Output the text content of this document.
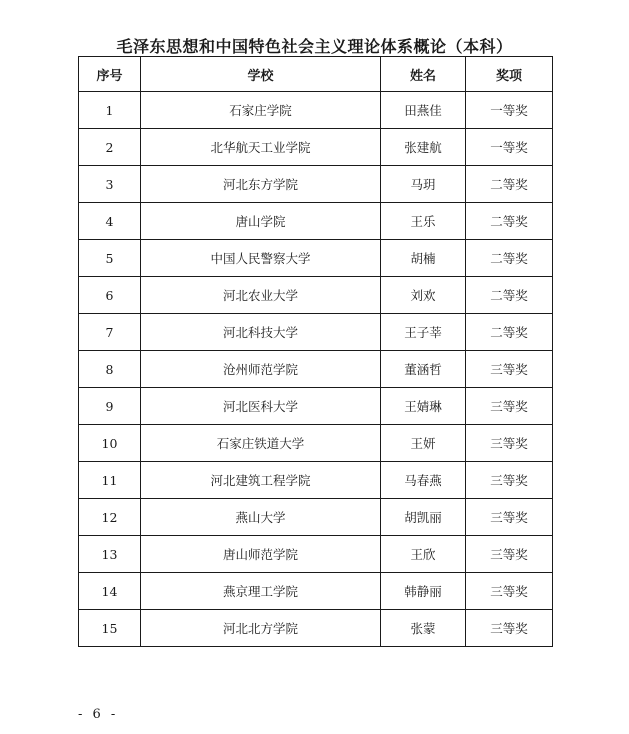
毛泽东思想和中国特色社会主义理论体系概论（本科）
序号	学校	姓名	奖项
1	石家庄学院	田燕佳	一等奖
2	北华航天工业学院	张建航	一等奖
3	河北东方学院	马玥	二等奖
4	唐山学院	王乐	二等奖
5	中国人民警察大学	胡楠	二等奖
6	河北农业大学	刘欢	二等奖
7	河北科技大学	王子莘	二等奖
8	沧州师范学院	董涵哲	三等奖
9	河北医科大学	王婧琳	三等奖
10	石家庄铁道大学	王妍	三等奖
11	河北建筑工程学院	马春燕	三等奖
12	燕山大学	胡凯丽	三等奖
13	唐山师范学院	王欣	三等奖
14	燕京理工学院	韩静丽	三等奖
15	河北北方学院	张蒙	三等奖
- 6 -
